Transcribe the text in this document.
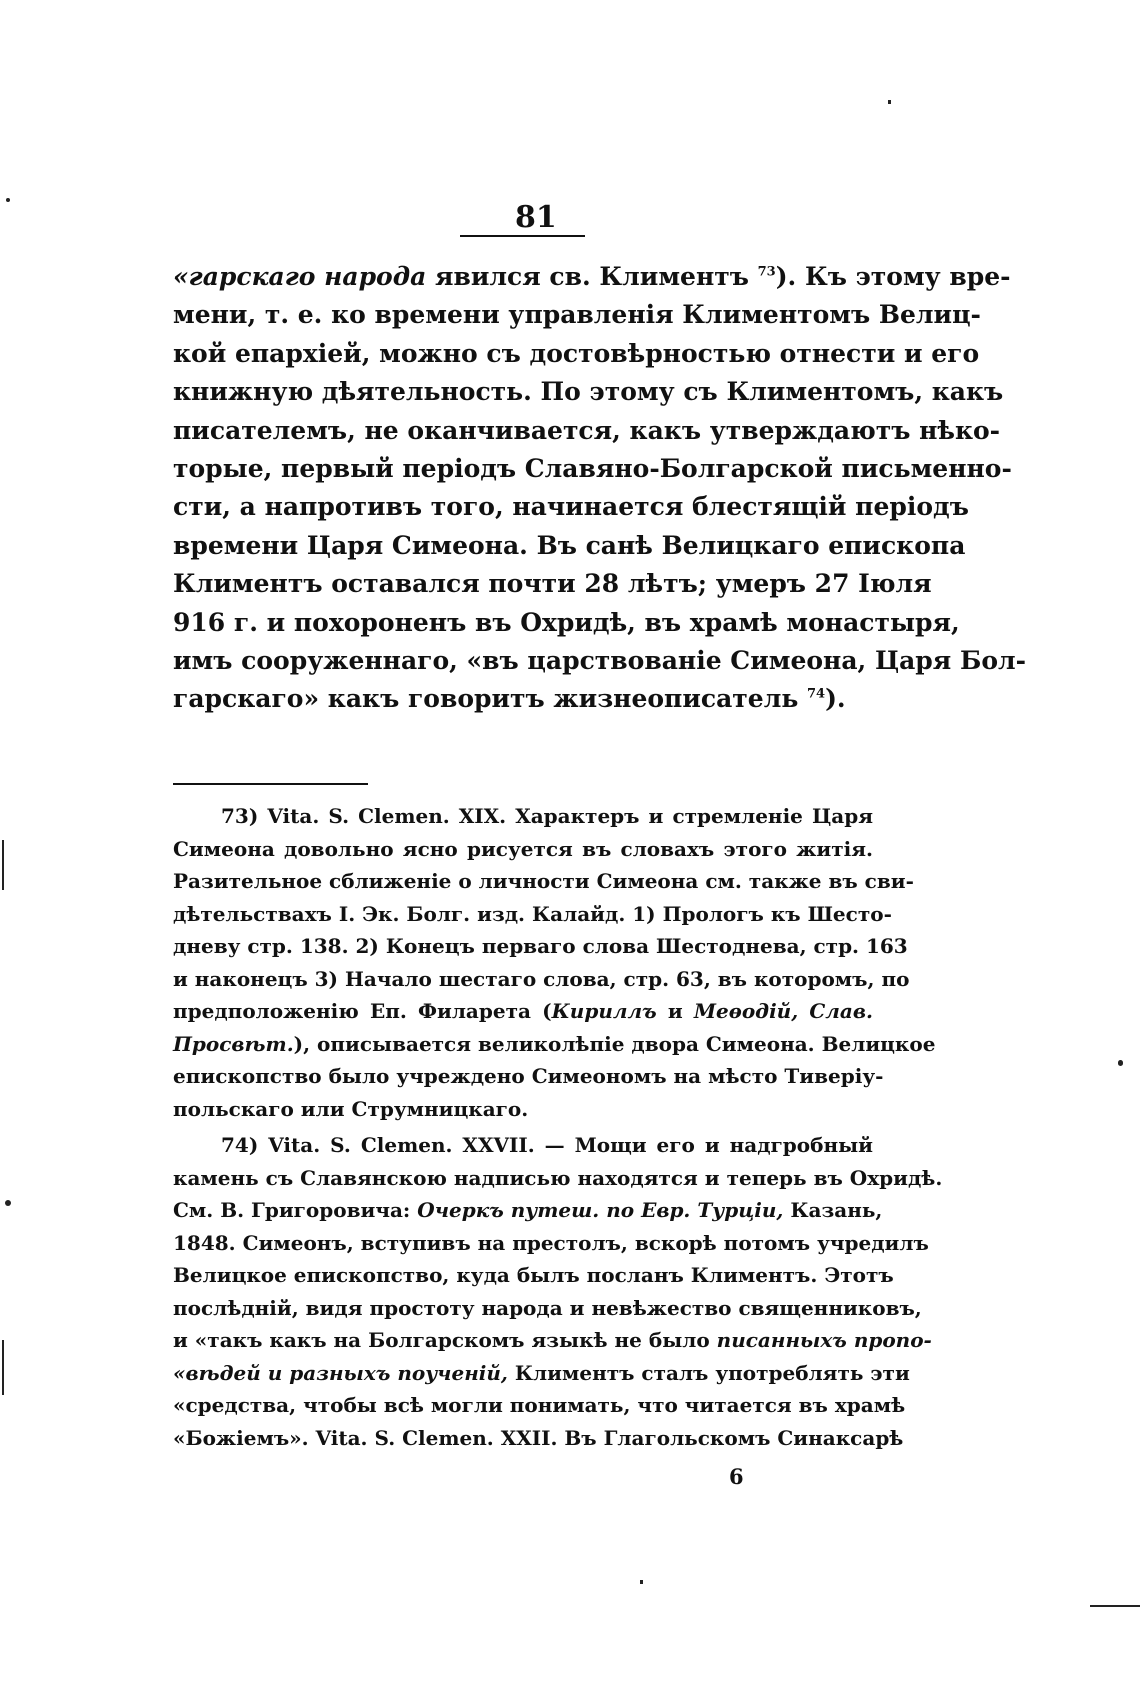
81
«гарскаго народа явился св. Климентъ $^{73}$). Къ этому вре-
мени, т. е. ко времени управленія Климентомъ Велиц-
кой епархіей, можно съ достовѣрностью отнести и его
книжную дѣятельность. По этому съ Климентомъ, какъ
писателемъ, не оканчивается, какъ утверждаютъ нѣко-
торые, первый періодъ Славяно-Болгарской письменно-
сти, а напротивъ того, начинается блестящій періодъ
времени Царя Симеона. Въ санѣ Велицкаго епископа
Климентъ оставался почти 28 лѣтъ; умеръ 27 Іюля
916 г. и похороненъ въ Охридѣ, въ храмѣ монастыря,
имъ сооруженнаго, «въ царствованіе Симеона, Царя Бол-
гарскаго» какъ говоритъ жизнеописатель $^{74}$).
73) Vita. S. Clemen. XIX. Характеръ и стремленіе Царя
Симеона довольно ясно рисуется въ словахъ этого житія.
Разительное сближеніе о личности Симеона см. также въ сви-
дѣтельствахъ І. Эк. Болг. изд. Калайд. 1) Прологъ къ Шесто-
дневу стр. 138. 2) Конецъ перваго слова Шестоднева, стр. 163
и наконецъ 3) Начало шестаго слова, стр. 63, въ которомъ, по
предположенію Еп. Филарета (Кириллъ и Меѳодій, Слав.
Просвѣт.), описывается великолѣпіе двора Симеона. Велицкое
епископство было учреждено Симеономъ на мѣсто Тиверіу-
польскаго или Струмницкаго.
74) Vita. S. Clemen. XXVII. — Мощи его и надгробный
камень съ Славянскою надписью находятся и теперь въ Охридѣ.
См. В. Григоровича: Очеркъ путеш. по Евр. Турціи, Казань,
1848. Симеонъ, вступивъ на престолъ, вскорѣ потомъ учредилъ
Велицкое епископство, куда былъ посланъ Климентъ. Этотъ
послѣдній, видя простоту народа и невѣжество священниковъ,
и «такъ какъ на Болгарскомъ языкѣ не было писанныхъ пропо-
«вѣдей и разныхъ поученій, Климентъ сталъ употреблять эти
«средства, чтобы всѣ могли понимать, что читается въ храмѣ
«Божіемъ». Vita. S. Clemen. XXII. Въ Глагольскомъ Синаксарѣ
6
